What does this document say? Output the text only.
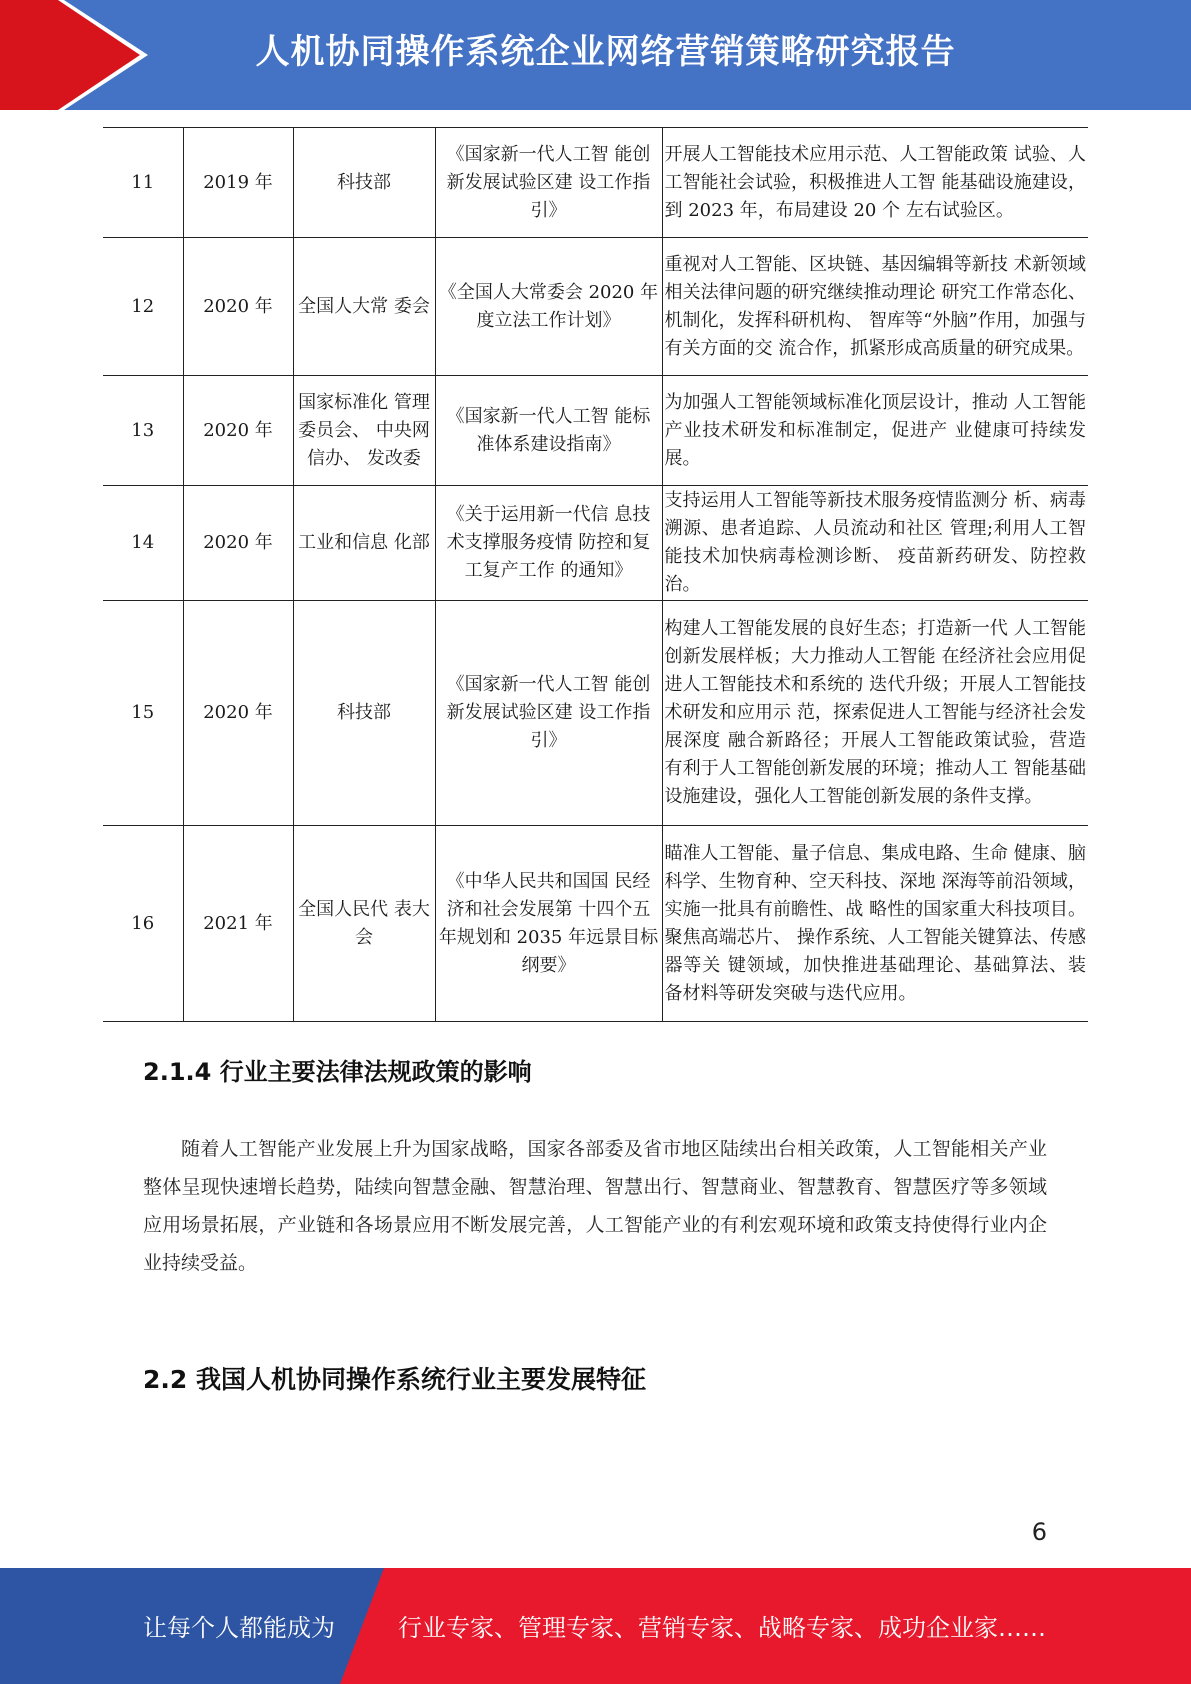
人机协同操作系统企业网络营销策略研究报告
11	2019 年	科技部	《国家新一代人工智 能创新发展试验区建 设工作指引》	开展人工智能技术应用示范、人工智能政策 试验、人工智能社会试验，积极推进人工智 能基础设施建设，到 2023 年，布局建设 20 个 左右试验区。
12	2020 年	全国人大常 委会	《全国人大常委会 2020 年度立法工作计划》	重视对人工智能、区块链、基因编辑等新技 术新领域相关法律问题的研究继续推动理论 研究工作常态化、机制化，发挥科研机构、 智库等“外脑”作用，加强与有关方面的交 流合作，抓紧形成高质量的研究成果。
13	2020 年	国家标准化 管理委员会、 中央网信办、 发改委	《国家新一代人工智 能标准体系建设指南》	为加强人工智能领域标准化顶层设计，推动 人工智能产业技术研发和标准制定，促进产 业健康可持续发展。
14	2020 年	工业和信息 化部	《关于运用新一代信 息技术支撑服务疫情 防控和复工复产工作 的通知》	支持运用人工智能等新技术服务疫情监测分 析、病毒溯源、患者追踪、人员流动和社区 管理;利用人工智能技术加快病毒检测诊断、 疫苗新药研发、防控救治。
15	2020 年	科技部	《国家新一代人工智 能创新发展试验区建 设工作指引》	构建人工智能发展的良好生态；打造新一代 人工智能创新发展样板；大力推动人工智能 在经济社会应用促进人工智能技术和系统的 迭代升级；开展人工智能技术研发和应用示 范，探索促进人工智能与经济社会发展深度 融合新路径；开展人工智能政策试验，营造 有利于人工智能创新发展的环境；推动人工 智能基础设施建设，强化人工智能创新发展的条件支撑。
16	2021 年	全国人民代 表大会	《中华人民共和国国 民经济和社会发展第 十四个五年规划和 2035 年远景目标纲要》	瞄准人工智能、量子信息、集成电路、生命 健康、脑科学、生物育种、空天科技、深地 深海等前沿领域，实施一批具有前瞻性、战 略性的国家重大科技项目。聚焦高端芯片、 操作系统、人工智能关键算法、传感器等关 键领域，加快推进基础理论、基础算法、装 备材料等研发突破与迭代应用。
2.1.4 行业主要法律法规政策的影响

随着人工智能产业发展上升为国家战略，国家各部委及省市地区陆续出台相关政策，人工智能相关产业整体呈现快速增长趋势，陆续向智慧金融、智慧治理、智慧出行、智慧商业、智慧教育、智慧医疗等多领域应用场景拓展，产业链和各场景应用不断发展完善，人工智能产业的有利宏观环境和政策支持使得行业内企业持续受益。

2.2 我国人机协同操作系统行业主要发展特征
6
让每个人都能成为	行业专家、管理专家、营销专家、战略专家、成功企业家……
